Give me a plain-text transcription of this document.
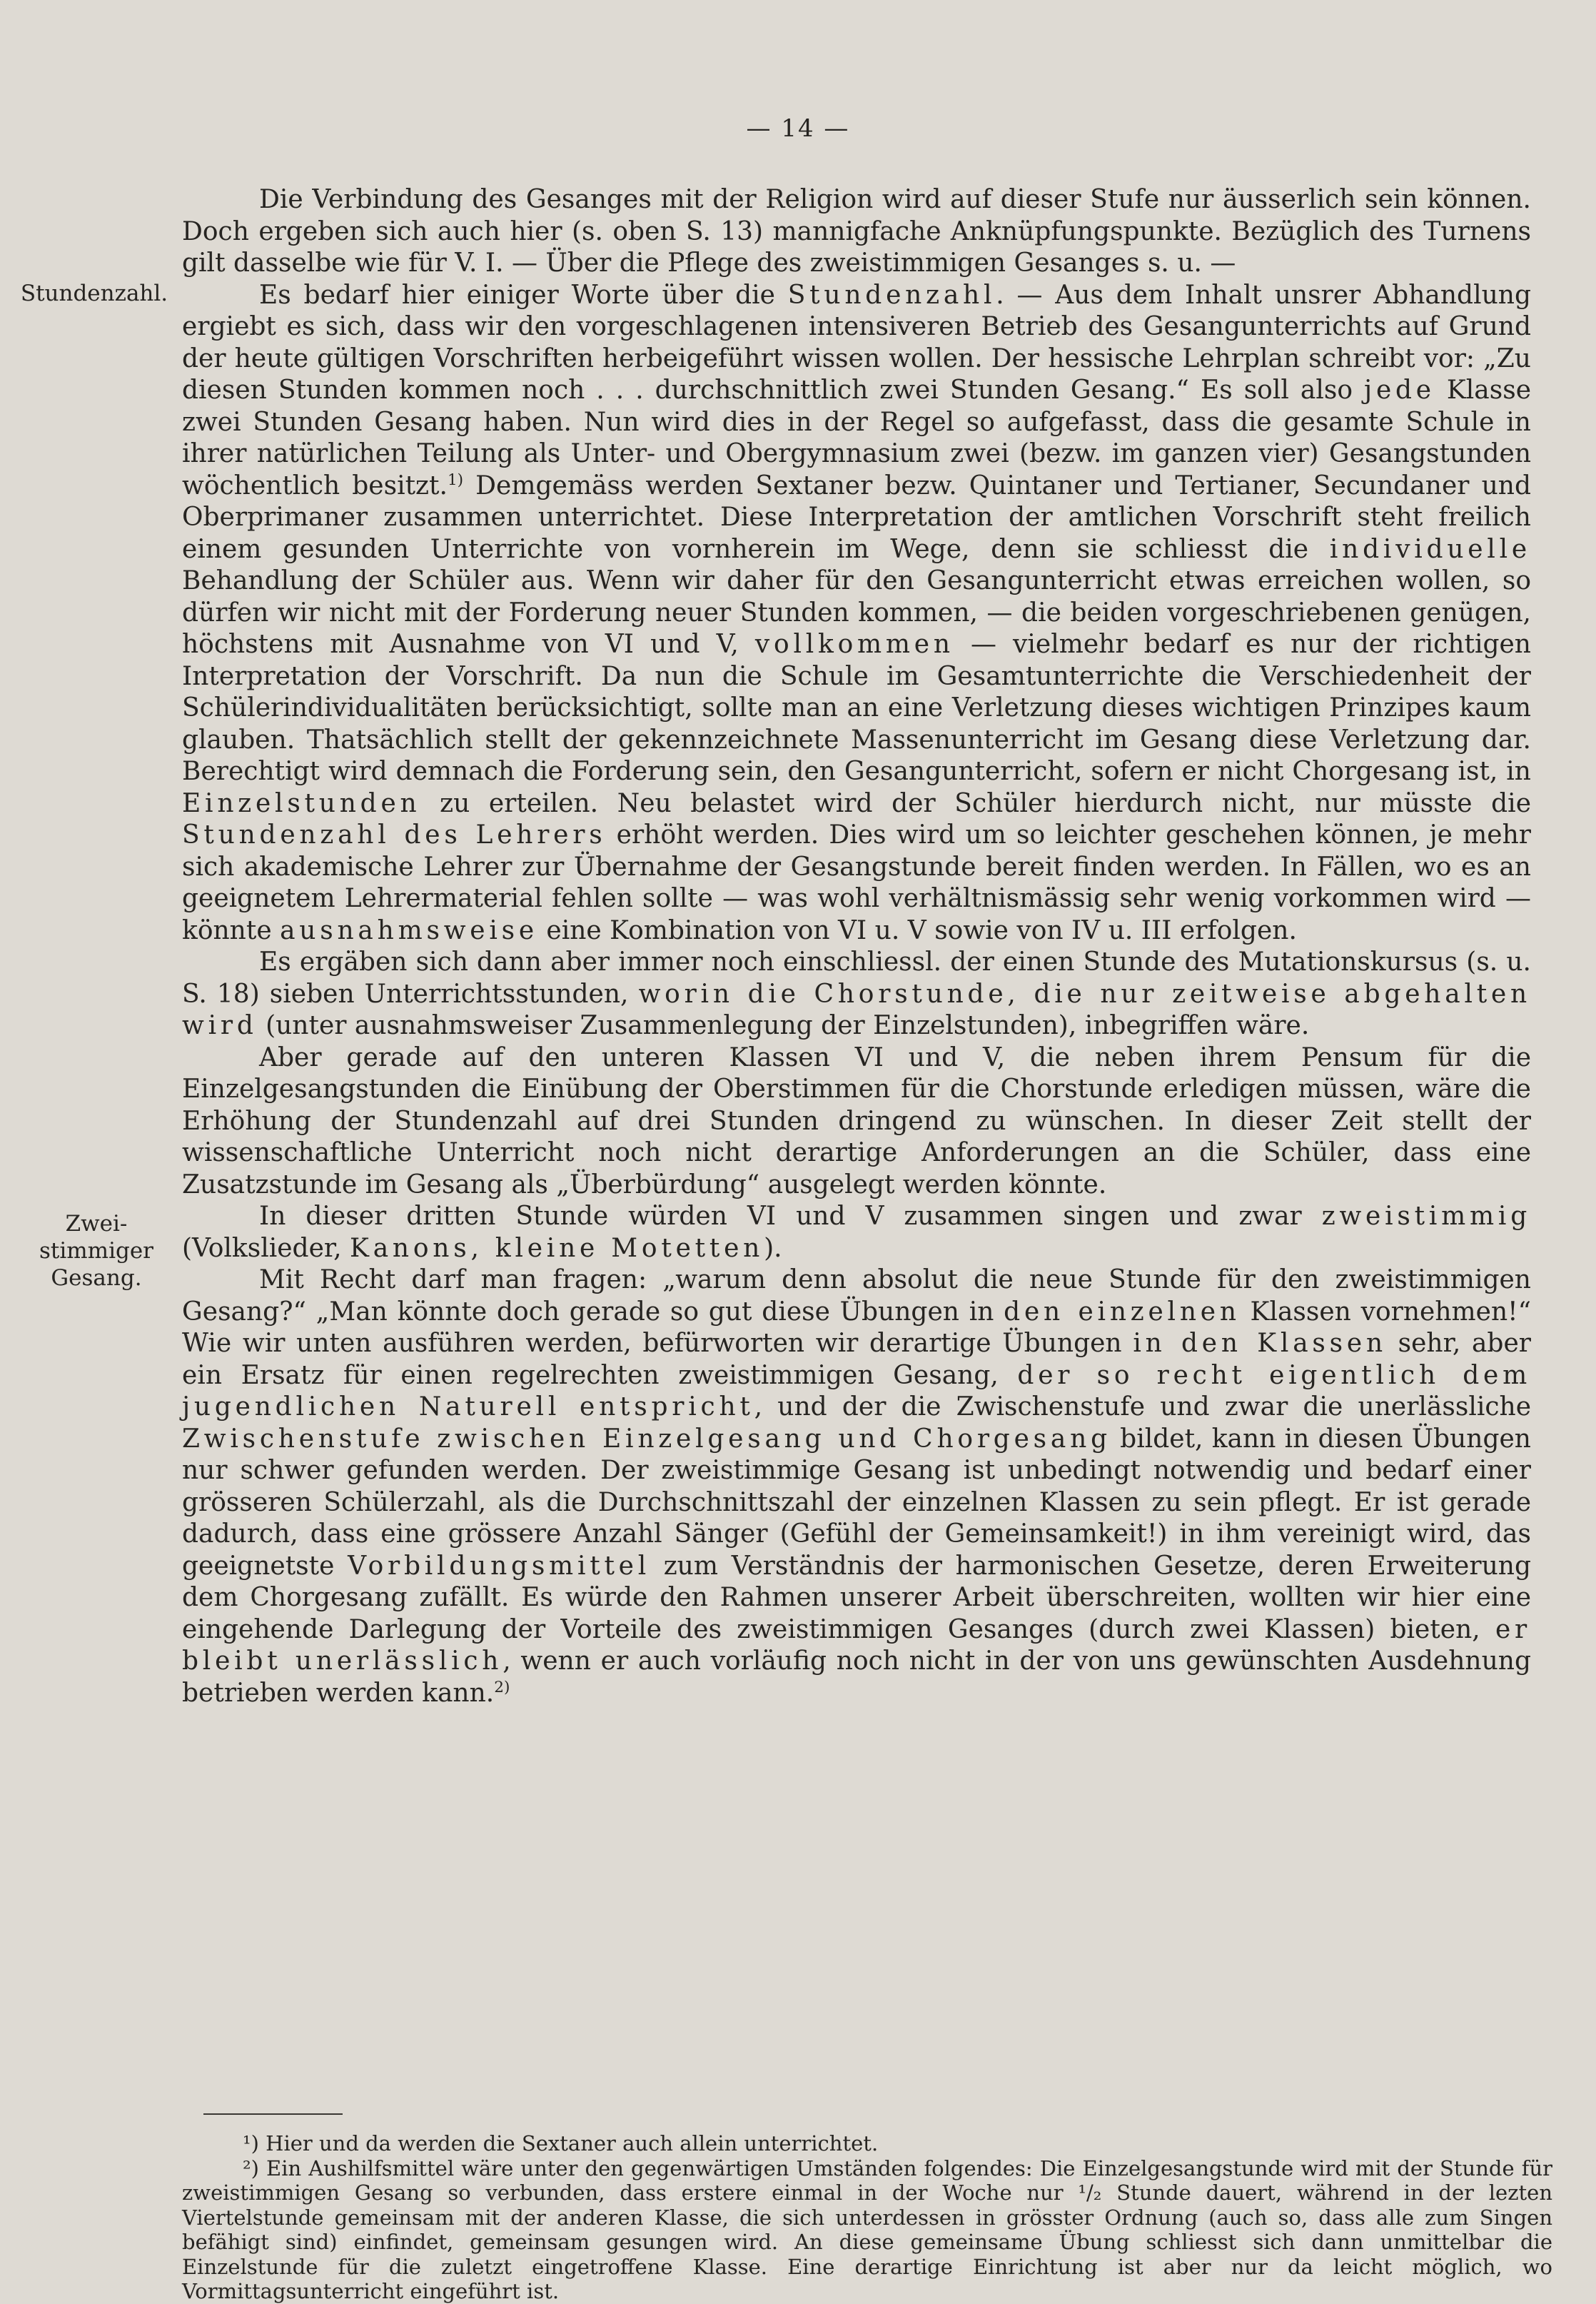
— 14 —
Stundenzahl.
Zwei-
stimmiger
Gesang.

Die Verbindung des Gesanges mit der Religion wird auf dieser Stufe nur äusserlich sein können. Doch ergeben sich auch hier (s. oben S. 13) mannigfache Anknüpfungspunkte. Bezüglich des Turnens gilt dasselbe wie für V. I. — Über die Pflege des zweistimmigen Gesanges s. u. —

Es bedarf hier einiger Worte über die Stundenzahl. — Aus dem Inhalt unsrer Abhandlung ergiebt es sich, dass wir den vorgeschlagenen intensiveren Betrieb des Gesangunterrichts auf Grund der heute gültigen Vorschriften herbeigeführt wissen wollen. Der hessische Lehrplan schreibt vor: „Zu diesen Stunden kommen noch . . . durchschnittlich zwei Stunden Gesang.“ Es soll also jede Klasse zwei Stunden Gesang haben. Nun wird dies in der Regel so aufgefasst, dass die gesamte Schule in ihrer natürlichen Teilung als Unter- und Obergymnasium zwei (bezw. im ganzen vier) Gesangstunden wöchentlich besitzt.$^{1)}$ Demgemäss werden Sextaner bezw. Quintaner und Tertianer, Secundaner und Oberprimaner zusammen unterrichtet. Diese Interpretation der amtlichen Vorschrift steht freilich einem gesunden Unterrichte von vornherein im Wege, denn sie schliesst die individuelle Behandlung der Schüler aus. Wenn wir daher für den Gesangunterricht etwas erreichen wollen, so dürfen wir nicht mit der Forderung neuer Stunden kommen, — die beiden vorgeschriebenen genügen, höchstens mit Ausnahme von VI und V, vollkommen — vielmehr bedarf es nur der richtigen Interpretation der Vorschrift. Da nun die Schule im Gesamtunterrichte die Verschiedenheit der Schülerindividualitäten berücksichtigt, sollte man an eine Verletzung dieses wichtigen Prinzipes kaum glauben. Thatsächlich stellt der gekennzeichnete Massenunterricht im Gesang diese Verletzung dar. Berechtigt wird demnach die Forderung sein, den Gesangunterricht, sofern er nicht Chorgesang ist, in Einzelstunden zu erteilen. Neu belastet wird der Schüler hierdurch nicht, nur müsste die Stundenzahl des Lehrers erhöht werden. Dies wird um so leichter geschehen können, je mehr sich akademische Lehrer zur Übernahme der Gesangstunde bereit finden werden. In Fällen, wo es an geeignetem Lehrermaterial fehlen sollte — was wohl verhältnismässig sehr wenig vorkommen wird — könnte ausnahmsweise eine Kombination von VI u. V sowie von IV u. III erfolgen.

Es ergäben sich dann aber immer noch einschliessl. der einen Stunde des Mutationskursus (s. u. S. 18) sieben Unterrichtsstunden, worin die Chorstunde, die nur zeitweise abgehalten wird (unter ausnahmsweiser Zusammenlegung der Einzelstunden), inbegriffen wäre.

Aber gerade auf den unteren Klassen VI und V, die neben ihrem Pensum für die Einzelgesangstunden die Einübung der Oberstimmen für die Chorstunde erledigen müssen, wäre die Erhöhung der Stundenzahl auf drei Stunden dringend zu wünschen. In dieser Zeit stellt der wissenschaftliche Unterricht noch nicht derartige Anforderungen an die Schüler, dass eine Zusatzstunde im Gesang als „Überbürdung“ ausgelegt werden könnte.

In dieser dritten Stunde würden VI und V zusammen singen und zwar zweistimmig (Volkslieder, Kanons, kleine Motetten).

Mit Recht darf man fragen: „warum denn absolut die neue Stunde für den zweistimmigen Gesang?“ „Man könnte doch gerade so gut diese Übungen in den einzelnen Klassen vornehmen!“ Wie wir unten ausführen werden, befürworten wir derartige Übungen in den Klassen sehr, aber ein Ersatz für einen regelrechten zweistimmigen Gesang, der so recht eigentlich dem jugendlichen Naturell entspricht, und der die Zwischenstufe und zwar die unerlässliche Zwischenstufe zwischen Einzelgesang und Chorgesang bildet, kann in diesen Übungen nur schwer gefunden werden. Der zweistimmige Gesang ist unbedingt notwendig und bedarf einer grösseren Schülerzahl, als die Durchschnittszahl der einzelnen Klassen zu sein pflegt. Er ist gerade dadurch, dass eine grössere Anzahl Sänger (Gefühl der Gemeinsamkeit!) in ihm vereinigt wird, das geeignetste Vorbildungsmittel zum Verständnis der harmonischen Gesetze, deren Erweiterung dem Chorgesang zufällt. Es würde den Rahmen unserer Arbeit überschreiten, wollten wir hier eine eingehende Darlegung der Vorteile des zweistimmigen Gesanges (durch zwei Klassen) bieten, er bleibt unerlässlich, wenn er auch vorläufig noch nicht in der von uns gewünschten Ausdehnung betrieben werden kann.$^{2)}$

¹) Hier und da werden die Sextaner auch allein unterrichtet.

²) Ein Aushilfsmittel wäre unter den gegenwärtigen Umständen folgendes: Die Einzelgesangstunde wird mit der Stunde für zweistimmigen Gesang so verbunden, dass erstere einmal in der Woche nur ¹/₂ Stunde dauert, während in der lezten Viertelstunde gemeinsam mit der anderen Klasse, die sich unterdessen in grösster Ordnung (auch so, dass alle zum Singen befähigt sind) einfindet, gemeinsam gesungen wird. An diese gemeinsame Übung schliesst sich dann unmittelbar die Einzelstunde für die zuletzt eingetroffene Klasse. Eine derartige Einrichtung ist aber nur da leicht möglich, wo Vormittagsunterricht eingeführt ist.
